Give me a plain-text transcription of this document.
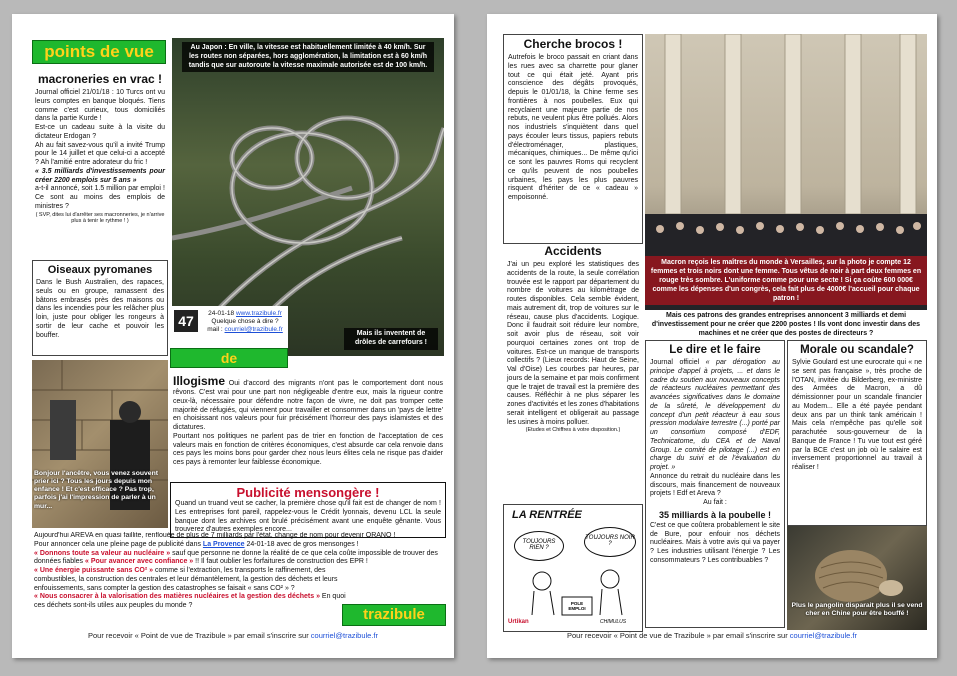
points de vue
macroneries en vrac !
Journal officiel 21/01/18 : 10 Turcs ont vu leurs comptes en banque bloqués. Tiens comme c'est curieux, tous domiciliés dans la partie Kurde !
Est-ce un cadeau suite à la visite du dictateur Erdogan ?
Ah au fait savez-vous qu'il a invité Trump pour le 14 juillet et que celui-ci a accepté ? Ah l'amitié entre adorateur du fric !
« 3.5 milliards d'investissements pour créer 2200 emplois sur 5 ans »
a-t-il annoncé, soit 1.5 million par emploi ! Ce sont au moins des emplois de ministres ?
( SVP, dites lui d'arrêter ses macronneries, je n'arrive plus à tenir le rythme ! )
Oiseaux pyromanes
Dans le Bush Australien, des rapaces, seuls ou en groupe, ramassent des bâtons embrasés près des maisons ou dans les incendies pour les relâcher plus loin, juste pour obliger les rongeurs à sortir de leur cache et pouvoir les bouffer.
Au Japon : En ville, la vitesse est habituellement limitée à 40 km/h. Sur les routes non séparées, hors agglomération, la limitation est à 60 km/h tandis que sur autoroute la vitesse maximale autorisée est de 100 km/h.
Mais ils inventent de drôles de carrefours !
47	24-01-18 www.trazibule.fr
Quelque chose à dire ?
mail : courriel@trazibule.fr
de
Bonjour l'ancêtre, vous venez souvent prier ici ? Tous les jours depuis mon enfance ! Et c'est efficace ? Pas trop, parfois j'ai l'impression de parler à un mur...
Illogisme Oui d'accord des migrants n'ont pas le comportement dont nous rêvons. C'est vrai pour une part non négligeable d'entre eux, mais la rigueur contre ceux-là, nécessaire pour défendre notre façon de vivre, ne doit pas tromper cette majorité de réfugiés, qui viennent pour travailler et consommer dans un 'pays de lettre' en choisissant nos valeurs pour fuir précisément l'horreur des pays islamistes et des dictatures.
Pourtant nos politiques ne parlent pas de trier en fonction de l'acceptation de ces valeurs mais en fonction de critères économiques, c'est absurde car cela renvoie dans ces pays les moins bons pour garder chez nous leurs élites cela ne risque pas d'aider ces pays à remonter leur faiblesse économique.
Publicité mensongère !
Quand un truand veut se cacher, la première chose qu'il fait est de changer de nom ! Les entreprises font pareil, rappelez-vous le Crédit lyonnais, devenu LCL la seule banque dont les archives ont brulé précisément avant une enquête gênante. Vous trouverez d'autres exemples encore...
Aujourd'hui AREVA en quasi faillite, renflouée de plus de 7 milliards par l'état, change de nom pour devenir ORANO !
Pour annoncer cela une pleine page de publicité dans La Provence 24-01-18 avec de gros mensonges !
« Donnons toute sa valeur au nucléaire » sauf que personne ne donne la réalité de ce que cela coûte impossible de trouver des données fiables « Pour avancer avec confiance » !! Il faut oublier les forfaitures de construction des EPR !
« Une énergie puissante sans CO² » comme si l'extraction, les transports le raffinement, des combustibles, la construction des centrales et leur démantèlement, la gestion des déchets et leurs enfouissements, sans compter la gestion des catastrophes se faisait « sans CO² » ?
« Nous consacrer à la valorisation des matières nucléaires et la gestion des déchets » En quoi ces déchets sont-ils utiles aux peuples du monde ?
trazibule
Pour recevoir « Point de vue de Trazibule » par email s'inscrire sur courriel@trazibule.fr
Cherche brocos !
Autrefois le broco passait en criant dans les rues avec sa charrette pour glaner tout ce qui était jeté. Ayant pris conscience des dégâts provoqués, depuis le 01/01/18, la Chine ferme ses frontières à nos poubelles. Eux qui recyclaient une majeure partie de nos rebuts, ne veulent plus être pollués. Alors nos industriels s'inquiètent dans quel pays écouler leurs tissus, papiers rebuts d'électroménager, plastiques, mécaniques, chimiques... De même qu'ici ce sont les pauvres Roms qui recyclent ce qu'ils peuvent de nos poubelles urbaines, les pays les plus pauvres risquent d'hériter de ce « cadeau » empoisonné.
Accidents
J'ai un peu exploré les statistiques des accidents de la route, la seule corrélation trouvée est le rapport par département du nombre de voitures au kilomètrage de routes disponibles. Cela semble évident, mais autrement dit, trop de voitures sur le réseau, cause plus d'accidents. Logique. Donc il faudrait soit réduire leur nombre, soit avoir plus de réseau, soit voir pourquoi certaines zones ont trop de voitures. Est-ce un manque de transports collectifs ? (Lieux records: Haut de Seine, Val d'Oise) Les courbes par heures, par jours de la semaine et par mois confirment que le trajet de travail est la première des causes. Réfléchir à ne plus séparer les zones d'activités et les zones d'habitations serait intelligent et obligerait au passage les usines à moins polluer.
(Etudes et Chiffres à votre disposition.)
Macron reçois les maîtres du monde à Versailles, sur la photo je compte 12 femmes et trois noirs dont une femme. Tous vêtus de noir à part deux femmes en rouge très sombre. L'uniforme comme pour une secte ! Si ça coûte 600 000€ comme les dépenses d'un congrès, cela fait plus de 4000€ l'accueil pour chaque patron !
Mais ces patrons des grandes entreprises annoncent 3 milliards et demi d'investissement pour ne créer que 2200 postes ! Ils vont donc investir dans des machines et ne créer que des postes de directeurs ?
LA RENTRÉE
TOUJOURS RIEN ?
TOUJOURS NOIR ?
POLE EMPLOI
Urtikan	CHIMULUS
Le dire et le faire
Journal officiel « par dérogation au principe d'appel à projets, ... et dans le cadre du soutien aux nouveaux concepts de réacteurs nucléaires permettant des avancées significatives dans le domaine de la sûreté, le développement du concept d'un petit réacteur à eau sous pression modulaire terrestre (...) porté par un consortium composé d'EDF, Technicatome, du CEA et de Naval Group. Le comité de pilotage (...) est en charge du suivi et de l'évaluation du projet. »
Annonce du retrait du nucléaire dans les discours, mais financement de nouveaux projets ! Edf et Areva ?
Au fait :
35 milliards à la poubelle !
C'est ce que coûtera probablement le site de Bure, pour enfouir nos déchets nucléaires. Mais à votre avis qui va payer ? Les industries utilisant l'énergie ? Les consommateurs ? Les contribuables ?
Morale ou scandale?
Sylvie Goulard est une eurocrate qui « ne se sent pas française », très proche de l'OTAN, invitée du Bilderberg, ex-ministre des Armées de Macron, a dû démissionner pour un scandale financier au Modem... Elle a été payée pendant deux ans par un think tank américain ! Mais cela n'empêche pas qu'elle soit parachutée sous-gouverneur de la Banque de France ! Tu vue tout est géré par la BCE c'est un job où le salaire est inversement proportionnel au travail à réaliser !
Plus le pangolin disparait plus il se vend cher en Chine pour être bouffé !
Pour recevoir « Point de vue de Trazibule » par email s'inscrire sur courriel@trazibule.fr
